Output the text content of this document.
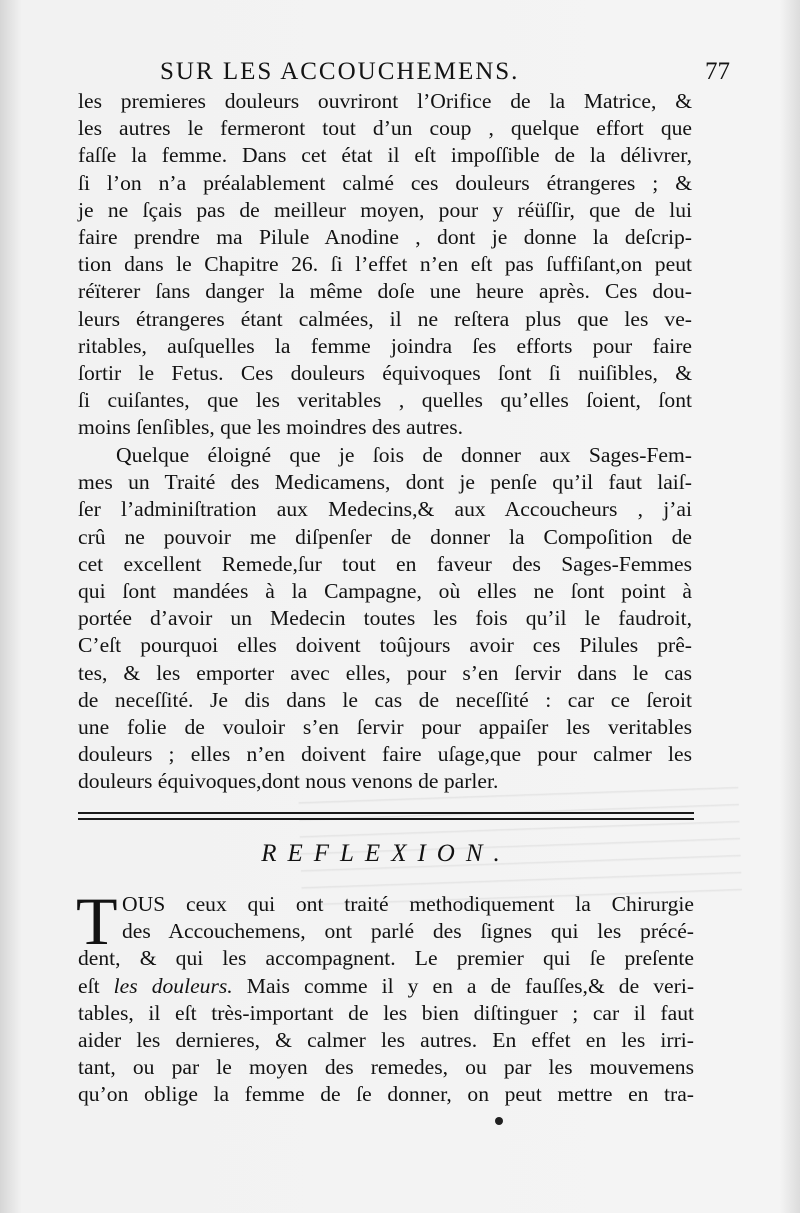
SUR LES ACCOUCHEMENS.	77
les premieres douleurs ouvriront l’Orifice de la Matrice, &
les autres le fermeront tout d’un coup , quelque effort que
faſſe la femme. Dans cet état il eſt impoſſible de la délivrer,
ſi l’on n’a préalablement calmé ces douleurs étrangeres ; &
je ne ſçais pas de meilleur moyen, pour y réüſſir, que de lui
faire prendre ma Pilule Anodine , dont je donne la deſcrip-
tion dans le Chapitre 26. ſi l’effet n’en eſt pas ſuffiſant,on peut
réïterer ſans danger la même doſe une heure après. Ces dou-
leurs étrangeres étant calmées, il ne reſtera plus que les ve-
ritables, auſquelles la femme joindra ſes efforts pour faire
ſortir le Fetus. Ces douleurs équivoques ſont ſi nuiſibles, &
ſi cuiſantes, que les veritables , quelles qu’elles ſoient, ſont
moins ſenſibles, que les moindres des autres.
Quelque éloigné que je ſois de donner aux Sages-Fem-
mes un Traité des Medicamens, dont je penſe qu’il faut laiſ-
ſer l’adminiſtration aux Medecins,& aux Accoucheurs , j’ai
crû ne pouvoir me diſpenſer de donner la Compoſition de
cet excellent Remede,ſur tout en faveur des Sages-Femmes
qui ſont mandées à la Campagne, où elles ne ſont point à
portée d’avoir un Medecin toutes les fois qu’il le faudroit,
C’eſt pourquoi elles doivent toûjours avoir ces Pilules prê-
tes, & les emporter avec elles, pour s’en ſervir dans le cas
de neceſſité. Je dis dans le cas de neceſſité : car ce ſeroit
une folie de vouloir s’en ſervir pour appaiſer les veritables
douleurs ; elles n’en doivent faire uſage,que pour calmer les
douleurs équivoques,dont nous venons de parler.
REFLEXION.
T OUS ceux qui ont traité methodiquement la Chirurgie
des Accouchemens, ont parlé des ſignes qui les précé-
dent, & qui les accompagnent. Le premier qui ſe preſente
eſt les douleurs. Mais comme il y en a de fauſſes,& de veri-
tables, il eſt très-important de les bien diſtinguer ; car il faut
aider les dernieres, & calmer les autres. En effet en les irri-
tant, ou par le moyen des remedes, ou par les mouvemens
qu’on oblige la femme de ſe donner, on peut mettre en tra-
